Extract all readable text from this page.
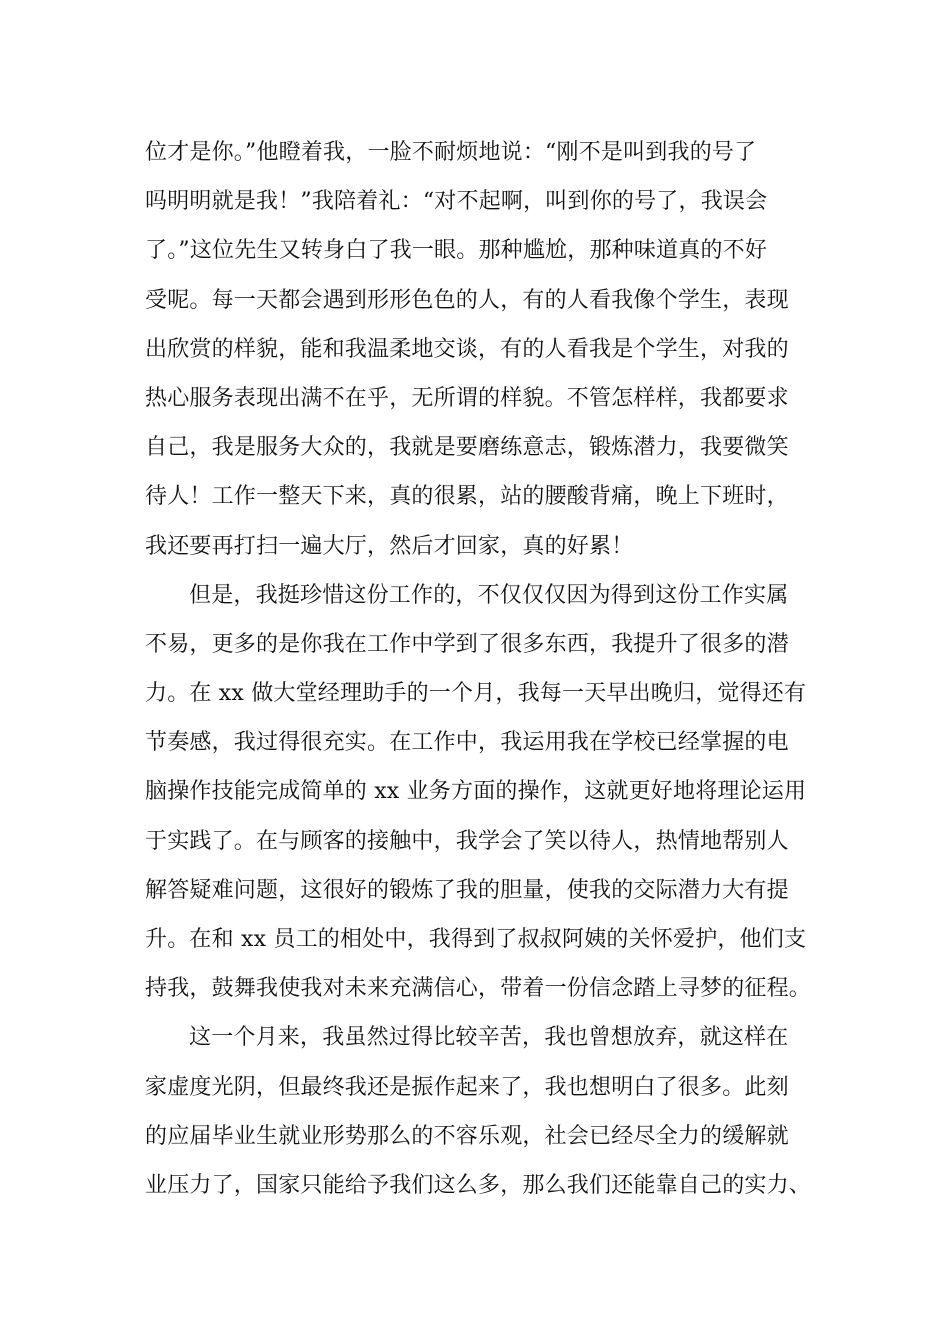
位才是你。”他瞪着我，一脸不耐烦地说：“刚不是叫到我的号了
吗明明就是我！”我陪着礼：“对不起啊，叫到你的号了，我误会
了。”这位先生又转身白了我一眼。那种尴尬，那种味道真的不好
受呢。每一天都会遇到形形色色的人，有的人看我像个学生，表现
出欣赏的样貌，能和我温柔地交谈，有的人看我是个学生，对我的
热心服务表现出满不在乎，无所谓的样貌。不管怎样样，我都要求
自己，我是服务大众的，我就是要磨练意志，锻炼潜力，我要微笑
待人！工作一整天下来，真的很累，站的腰酸背痛，晚上下班时，
我还要再打扫一遍大厅，然后才回家，真的好累！
但是，我挺珍惜这份工作的，不仅仅仅因为得到这份工作实属
不易，更多的是你我在工作中学到了很多东西，我提升了很多的潜
力。在 xx 做大堂经理助手的一个月，我每一天早出晚归，觉得还有
节奏感，我过得很充实。在工作中，我运用我在学校已经掌握的电
脑操作技能完成简单的 xx 业务方面的操作，这就更好地将理论运用
于实践了。在与顾客的接触中，我学会了笑以待人，热情地帮别人
解答疑难问题，这很好的锻炼了我的胆量，使我的交际潜力大有提
升。在和 xx 员工的相处中，我得到了叔叔阿姨的关怀爱护，他们支
持我，鼓舞我使我对未来充满信心，带着一份信念踏上寻梦的征程。
这一个月来，我虽然过得比较辛苦，我也曾想放弃，就这样在
家虚度光阴，但最终我还是振作起来了，我也想明白了很多。此刻
的应届毕业生就业形势那么的不容乐观，社会已经尽全力的缓解就
业压力了，国家只能给予我们这么多，那么我们还能靠自己的实力、
